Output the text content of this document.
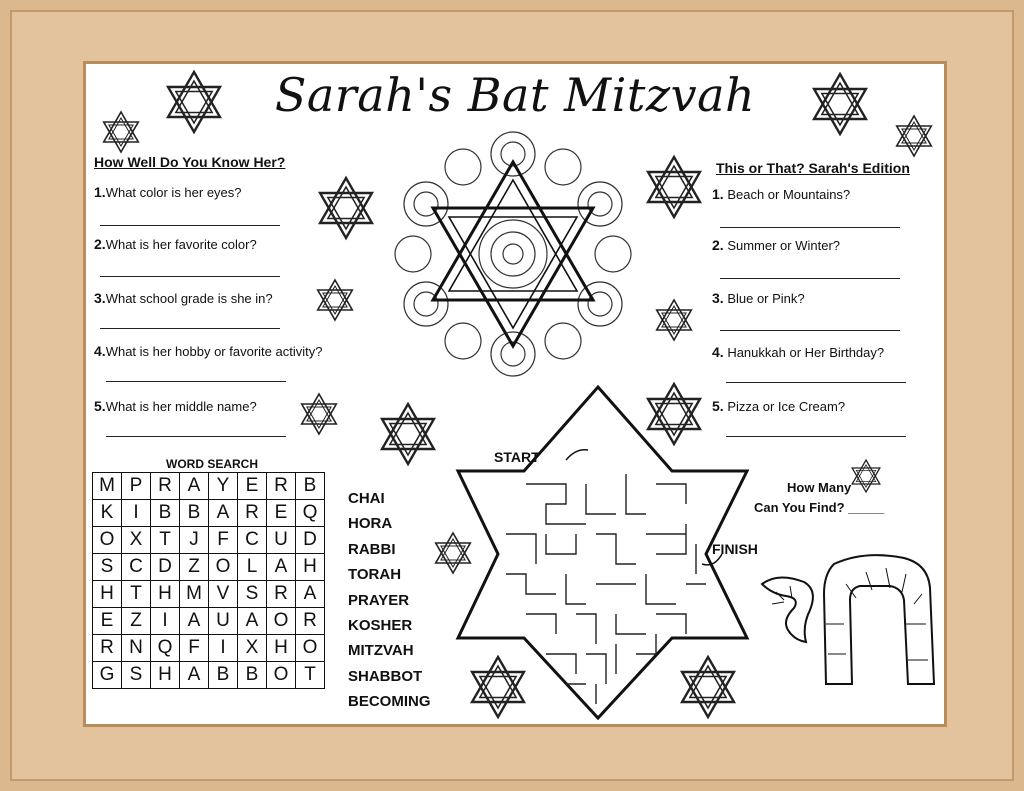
Sarah's Bat Mitzvah
How Well Do You Know Her?
1.What color is her eyes?
2.What is her favorite color?
3.What school grade is she in?
4.What is her hobby or favorite activity?
5.What is her middle name?
This or That? Sarah's Edition
1. Beach or Mountains?
2. Summer or Winter?
3. Blue or Pink?
4. Hanukkah or Her Birthday?
5. Pizza or Ice Cream?
WORD SEARCH
M	P	R	A	Y	E	R	B
K	I	B	B	A	R	E	Q
O	X	T	J	F	C	U	D
S	C	D	Z	O	L	A	H
H	T	H	M	V	S	R	A
E	Z	I	A	U	A	O	R
R	N	Q	F	I	X	H	O
G	S	H	A	B	B	O	T
CHAI
HORA
RABBI
TORAH
PRAYER
KOSHER
MITZVAH
SHABBOT
BECOMING
START
FINISH
How Many
Can You Find? _____
